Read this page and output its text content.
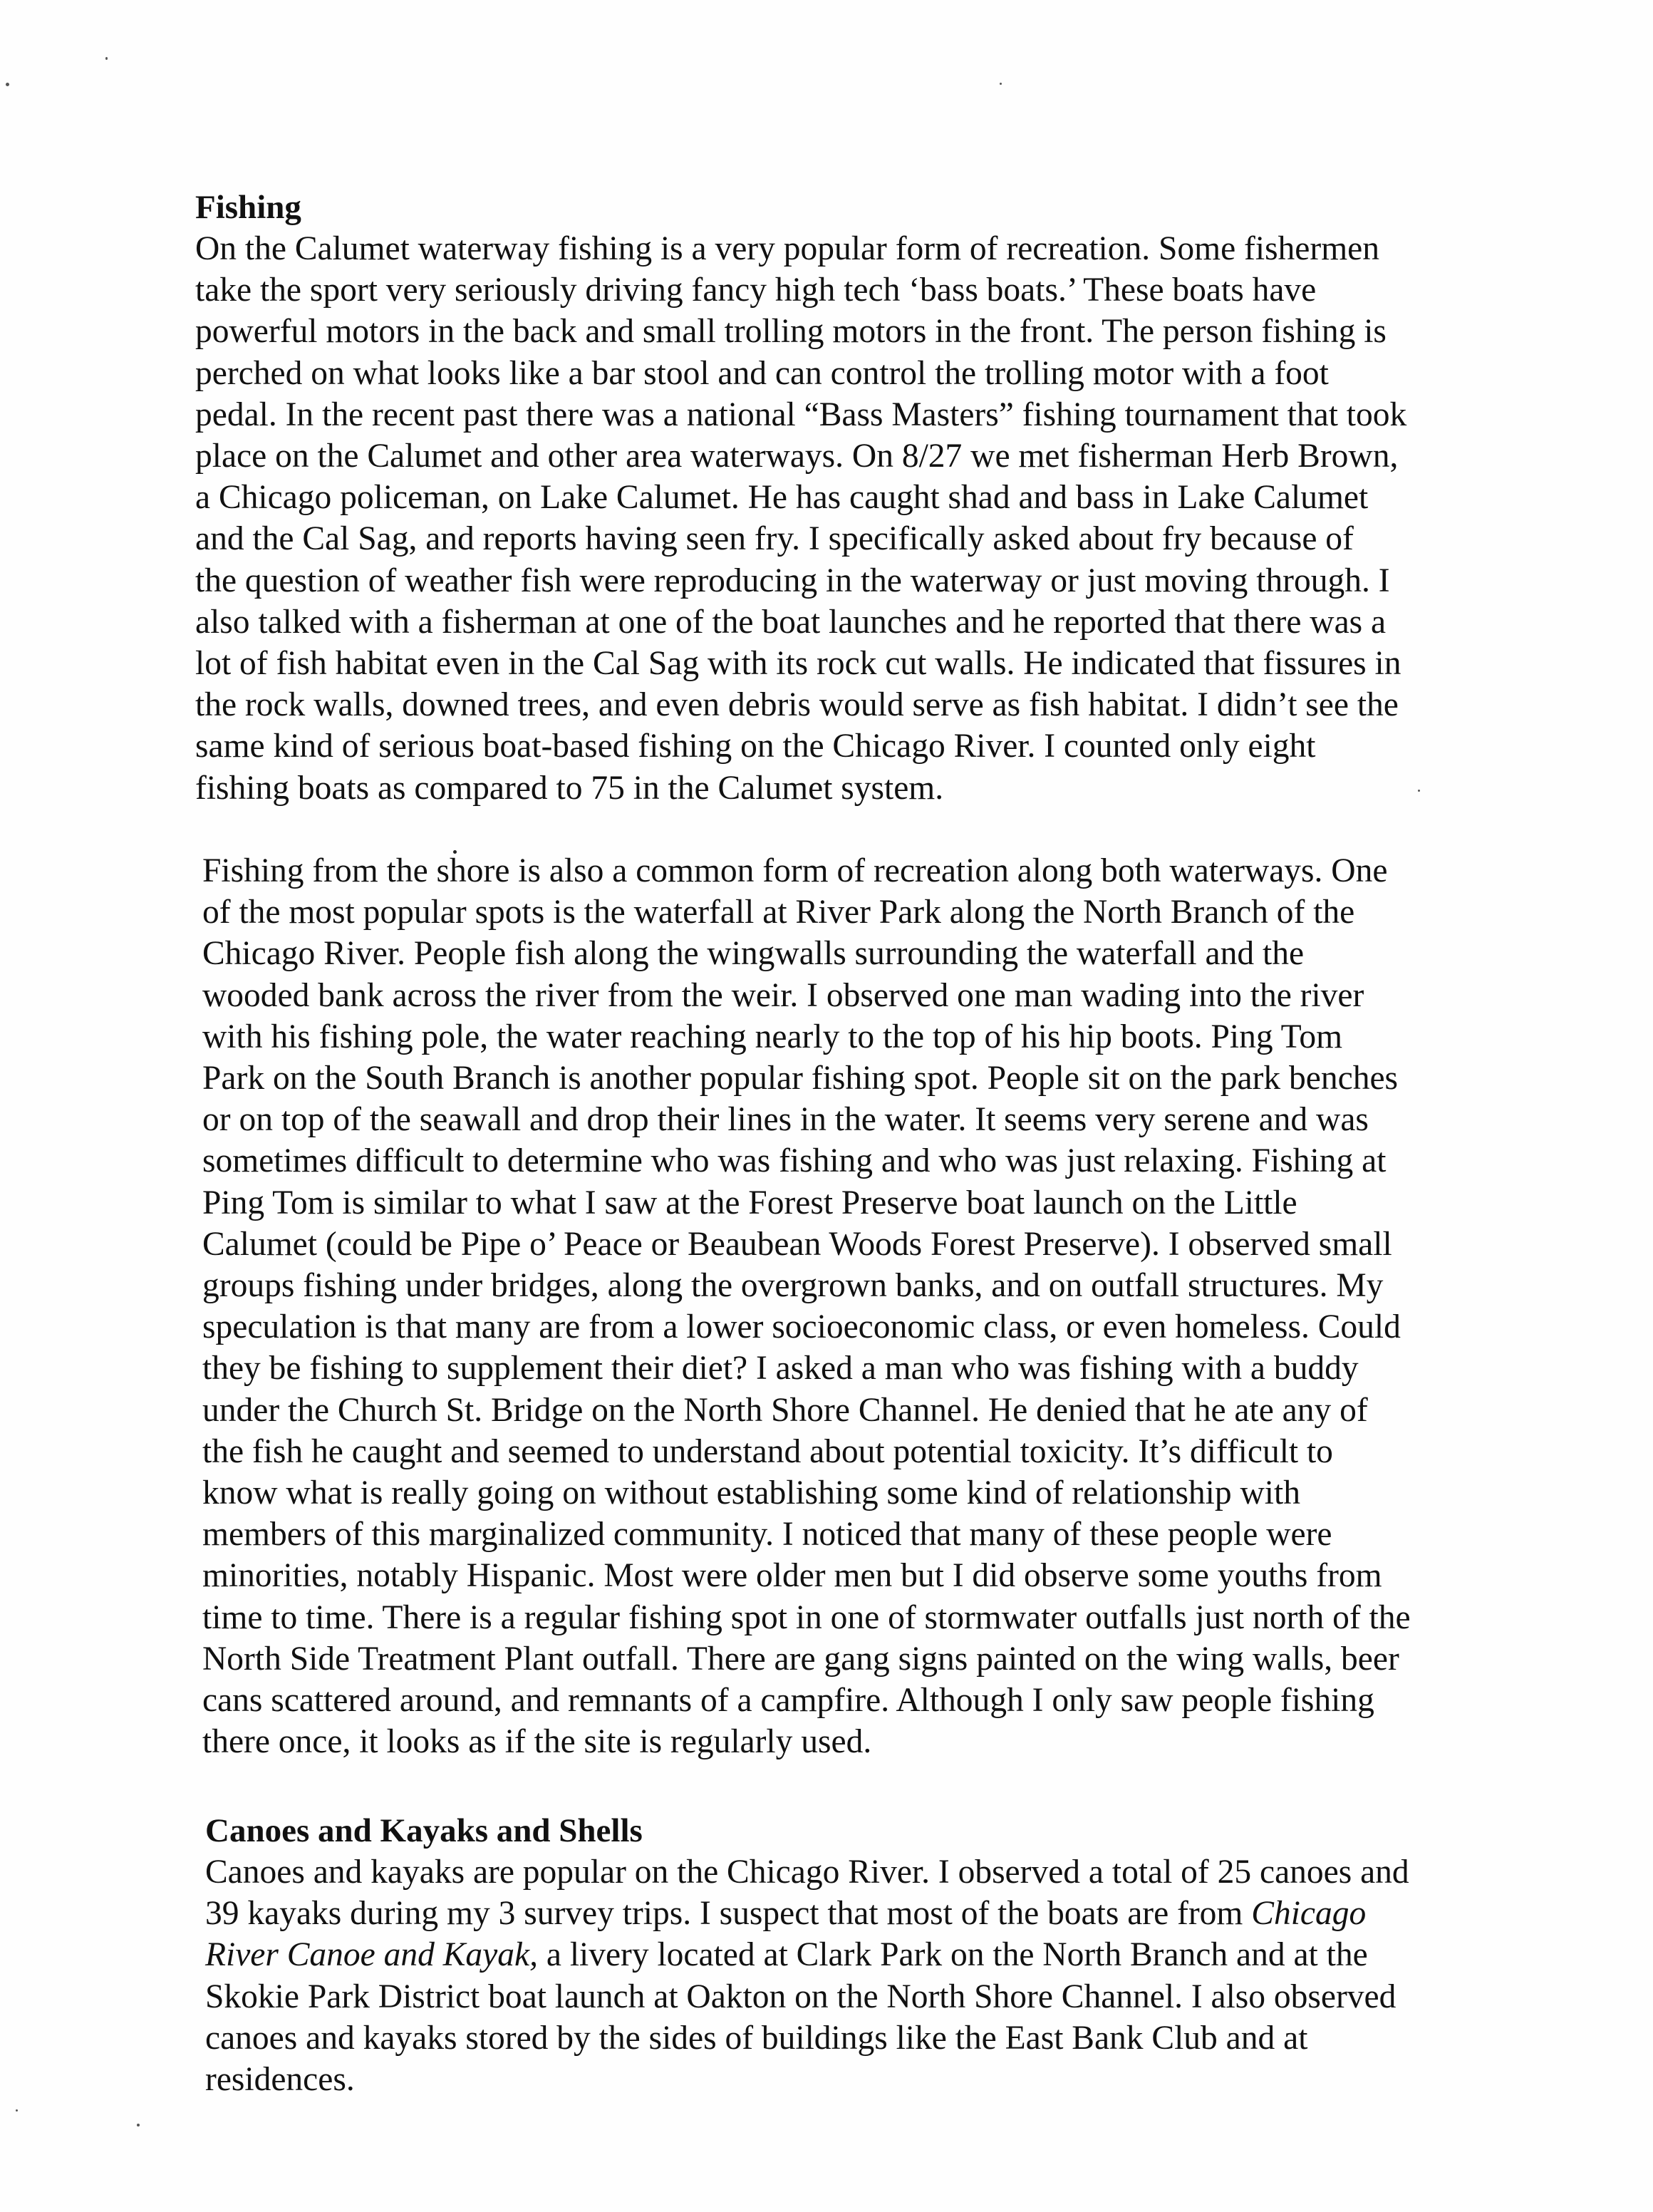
Fishing

On the Calumet waterway fishing is a very popular form of recreation. Some fishermen
take the sport very seriously driving fancy high tech ‘bass boats.’ These boats have
powerful motors in the back and small trolling motors in the front. The person fishing is
perched on what looks like a bar stool and can control the trolling motor with a foot
pedal. In the recent past there was a national “Bass Masters” fishing tournament that took
place on the Calumet and other area waterways. On 8/27 we met fisherman Herb Brown,
a Chicago policeman, on Lake Calumet. He has caught shad and bass in Lake Calumet
and the Cal Sag, and reports having seen fry. I specifically asked about fry because of
the question of weather fish were reproducing in the waterway or just moving through. I
also talked with a fisherman at one of the boat launches and he reported that there was a
lot of fish habitat even in the Cal Sag with its rock cut walls. He indicated that fissures in
the rock walls, downed trees, and even debris would serve as fish habitat. I didn’t see the
same kind of serious boat-based fishing on the Chicago River. I counted only eight
fishing boats as compared to 75 in the Calumet system.

Fishing from the shore is also a common form of recreation along both waterways. One
of the most popular spots is the waterfall at River Park along the North Branch of the
Chicago River. People fish along the wingwalls surrounding the waterfall and the
wooded bank across the river from the weir. I observed one man wading into the river
with his fishing pole, the water reaching nearly to the top of his hip boots. Ping Tom
Park on the South Branch is another popular fishing spot. People sit on the park benches
or on top of the seawall and drop their lines in the water. It seems very serene and was
sometimes difficult to determine who was fishing and who was just relaxing. Fishing at
Ping Tom is similar to what I saw at the Forest Preserve boat launch on the Little
Calumet (could be Pipe o’ Peace or Beaubean Woods Forest Preserve). I observed small
groups fishing under bridges, along the overgrown banks, and on outfall structures. My
speculation is that many are from a lower socioeconomic class, or even homeless. Could
they be fishing to supplement their diet? I asked a man who was fishing with a buddy
under the Church St. Bridge on the North Shore Channel. He denied that he ate any of
the fish he caught and seemed to understand about potential toxicity. It’s difficult to
know what is really going on without establishing some kind of relationship with
members of this marginalized community. I noticed that many of these people were
minorities, notably Hispanic. Most were older men but I did observe some youths from
time to time. There is a regular fishing spot in one of stormwater outfalls just north of the
North Side Treatment Plant outfall. There are gang signs painted on the wing walls, beer
cans scattered around, and remnants of a campfire. Although I only saw people fishing
there once, it looks as if the site is regularly used.

Canoes and Kayaks and Shells

Canoes and kayaks are popular on the Chicago River. I observed a total of 25 canoes and
39 kayaks during my 3 survey trips. I suspect that most of the boats are from Chicago
River Canoe and Kayak, a livery located at Clark Park on the North Branch and at the
Skokie Park District boat launch at Oakton on the North Shore Channel. I also observed
canoes and kayaks stored by the sides of buildings like the East Bank Club and at
residences.
